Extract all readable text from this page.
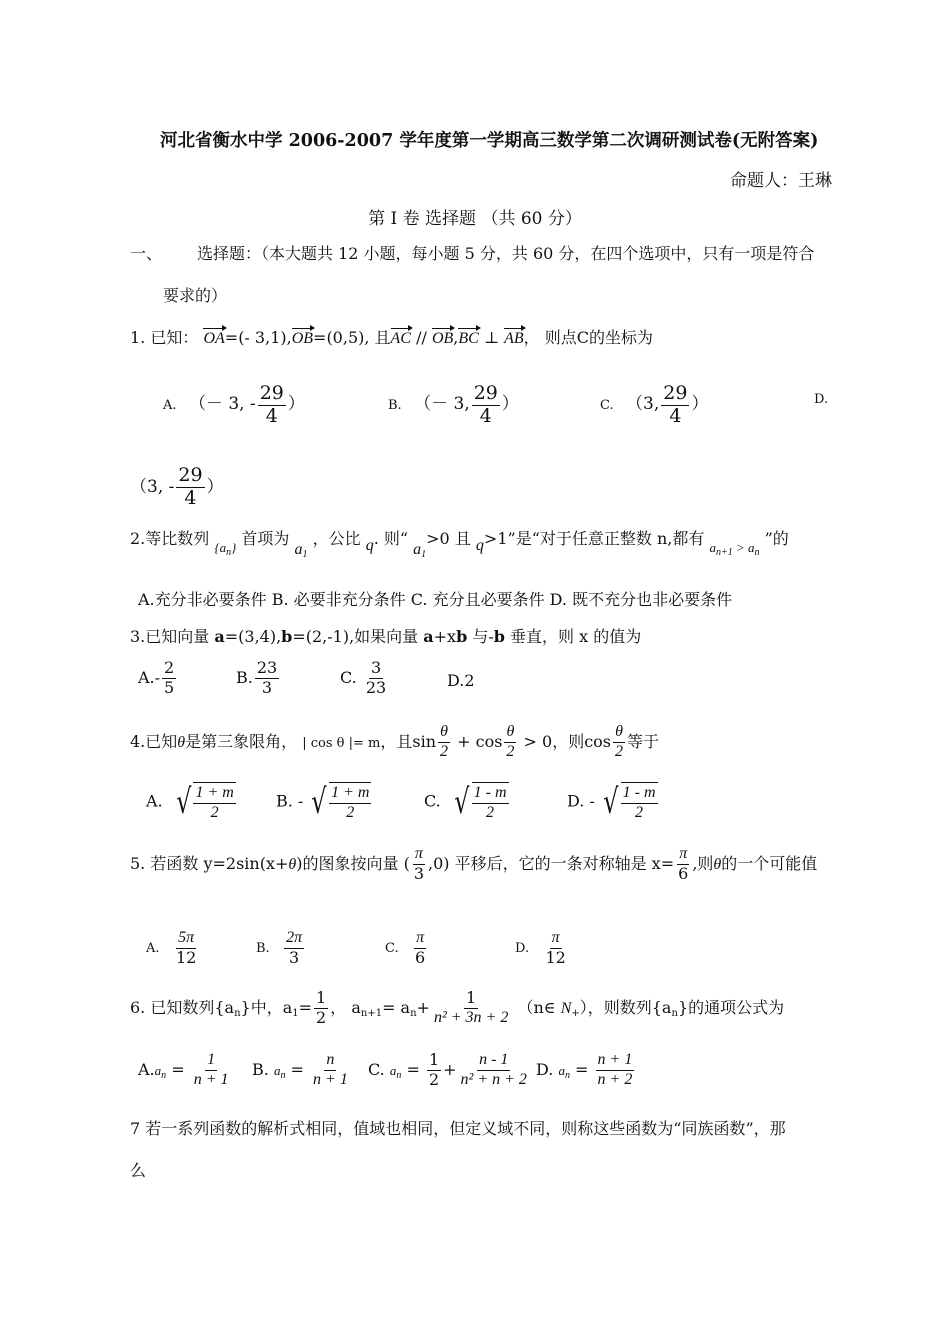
河北省衡水中学 2006-2007 学年度第一学期高三数学第二次调研测试卷(无附答案)
命题人：王琳
第 I 卷 选择题 （共 60 分）
一、 选择题：（本大题共 12 小题，每小题 5 分，共 60 分，在四个选项中，只有一项是符合
要求的）
1. 已知： OA=(- 3,1),OB=(0,5), 且AC // OB,BC ⊥ AB， 则点C的坐标为
A. （－ 3, - $\frac{29}{4}$ ）	B. （－ 3, $\frac{29}{4}$ ）	C. （3, $\frac{29}{4}$ ）	D.
（3, - $\frac{29}{4}$ ）
2.等比数列 $_{\{a_n\}}$ 首项为 $a_1$ ，公比 q. 则“ $a_1>0$ 且 q>1”是“对于任意正整数 n,都有 $_{a_{n+1} > a_n}$ ”的
A.充分非必要条件 B. 必要非充分条件 C. 充分且必要条件 D. 既不充分也非必要条件
3.已知向量 a=(3,4),b=(2,-1),如果向量 a+xb 与-b 垂直，则 x 的值为
$A.- \frac{2}{5}$	B. $\frac{23}{3}$	C. $\frac{3}{23}$	D.2
4.已知θ是第三象限角， | cos θ |= m，且$\sin \frac{\theta}{2} + \cos \frac{\theta}{2} > 0$，则$\cos \frac{\theta}{2}$ 等于
A. √ $\frac{1 + m}{2}$	B. - √ $\frac{1 + m}{2}$	C. √ $\frac{1 - m}{2}$	D. - √ $\frac{1 - m}{2}$
5. 若函数 y=2sin(x+θ)的图象按向量 ( $\frac{\pi}{3} ,0$) 平移后，它的一条对称轴是 $x= \frac{\pi}{6}$ ,则θ的一个可能值
A. $\frac{5\pi}{12}$	B. $\frac{2\pi}{3}$	C. $\frac{\pi}{6}$	D. $\frac{\pi}{12}$
6. 已知数列$\{a_n\}$中，$a_1= \frac{1}{2}$ ， $a_{n+1}= a_n+ \frac{1}{\text{n² + 3n + 2}}$ （n∈ $N_+$），则数列$\{a_n\}$的通项公式为
$A.a_n = \frac{1}{n + 1} B$. $a_n = \frac{n}{n + 1} C$. $a_n = \frac{1}{2} + \frac{n - 1}{\text{n² + n + 2}} D$. $a_n = \frac{n + 1}{n + 2}$
7 若一系列函数的解析式相同，值域也相同，但定义域不同，则称这些函数为“同族函数”，那
么
